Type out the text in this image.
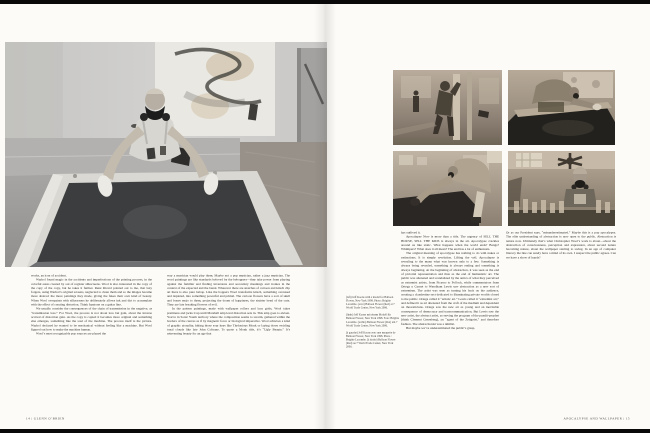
works, an icon of accident.

Warhol found magic in the accidents and imperfections of the printing process, in the colorful auras created by out of register silkscreens. Wool is also interested in the copy of the copy of the copy, but he takes it further. René Ricard pointed out to me, that lazy forgers, using Warhol’s original screens, neglected to clean them and so the images became more abstract the more paintings they made, giving the fakes their own kind of beauty. When Wool overpaints with silkscreens he deliberately allows ink and dirt to accumulate with the effect of creating distortion. Think fuzztone on a guitar line.

We usually consider the consequences of the chain of transmission in the negative, as “transmission loss.” For Wool, the process is not about loss but gain, about the inverse accrual of distortion gain. As the copy is copied it becomes more original and something else emerges, something like the soul of the machine. The process itself is the picture. Warhol declared he wanted to be mechanical without feeling like a machine. But Wool figured out how to make the machine human.

Wool’s most recognizable pop sources are played the

way a musician would play them. Maybe not a pop musician, rather a jazz musician. The word paintings are like standards beloved by the beboppers—they take power from playing against the familiar and finding inversions and secondary meanings and ironies in the context of the expected and the banal. Wherever there are snatches of cartoon and kitsch clip art there is also pure bebop. Like the boppers Wool transforms kitsch, something overused and depleted, into something powerful and primal. The cartoon flowers have a sort of skull and bones mojo to them, projecting the doom of happiness, the sinister bend of the cute. They are late breaking flowers of evil.

In the pattern paintings, made with wallpaper rollers and lacy grids, Wool takes prettiness and jacks it up until Marshall amp level distortion sets in. This amp goes to eleven. You’re in Sonic Youth territory where the composition seems to swarm, gathered within the borders of the canvas as if by magnetic force or biological imperative. Wool achieves a kind of graphic atonality, hitting those sour keys like Thelonious Monk or laying down swirling tonal clouds like late John Coltrane. To quote a Monk title, it’s “Ugly Beauty.” It’s reinventing beauty for an age that

14 | GLENN O’BRIEN

(left) Jeff Koons with a model for Balloon Flower, New York 1998. Photo: Brigitte Lacombe. (over) Balloon Flower (Red) at 7 World Trade Center, New York 2006.

(links) Jeff Koons mit einem Modell für Balloon Flower, New York 1998. Foto: Brigitte Lacombe. (rechts) Balloon Flower (Rot) am 7 World Trade Center, New York 2006.

(à gauche) Jeff Koons avec une maquette de Balloon Flower, New York 1998. Photo : Brigitte Lacombe. (à droite) Balloon Flower (Red) au 7 World Trade Center, New York 2006.

has outlived it.

Apocalypse Now is more than a title. The urgency of SELL THE HOUSE, SELL THE KIDS is always in the air. Apocalypse crackles around us like static. What happens when the world ends? Bangs? Whimpers? What does it all mean? The end has a lot of enthusiasts.

The original meaning of apocalypse has nothing to do with nukes or extinctions. It is simply revelation. Lifting the veil. Apocalypse is revealing to the many what was known only to a few. Something is always being revealed, something is always ending and something is always beginning. At the beginning of abstraction, it was seen as the end of pictorial representation and thus as the end of humanistic art. The public was alienated and scandalized by the antics of what they perceived as extremist artists, from Picasso to Pollock, while commentators from Ortega y Gasset to Wyndham Lewis saw abstraction as a new sort of extremism. The artist was seen as turning his back on the audience, creating a clandestine sect dedicated to illuminating private worlds closed to the public. Ortega called it “artistic art.” Lewis called it “extremist art,” and defined it as art alienated from the craft of the medium and dependent on theoreticians. Ortega saw the new art as young and an inevitable consequence of democracy and transcommunication. But Lewis saw the new artist, the abstract artist, as serving the program of the pundit-prophet (think Clement Greenberg), an “agent of the Zeitgeist,” and therefore fashion. The abstractionist was a nihilist.

But maybe we’ve underestimated the public’s grasp.

Or as our President says, “misunderestimated.” Maybe this is a pop apocalypse. The elite understanding of abstraction is now open to the public. Abstraction is nature now. Ultimately that’s what Christopher Wool’s work is about—about the abstraction of consciousness, perception and expression, about second nature becoming nature, about the wallpaper starting to swing. In an age of computer literacy the line can surely have a mind of its own. I suspect the public agrees. Can we have a show of hands?

APOCALYPSE AND WALLPAPER | 15
